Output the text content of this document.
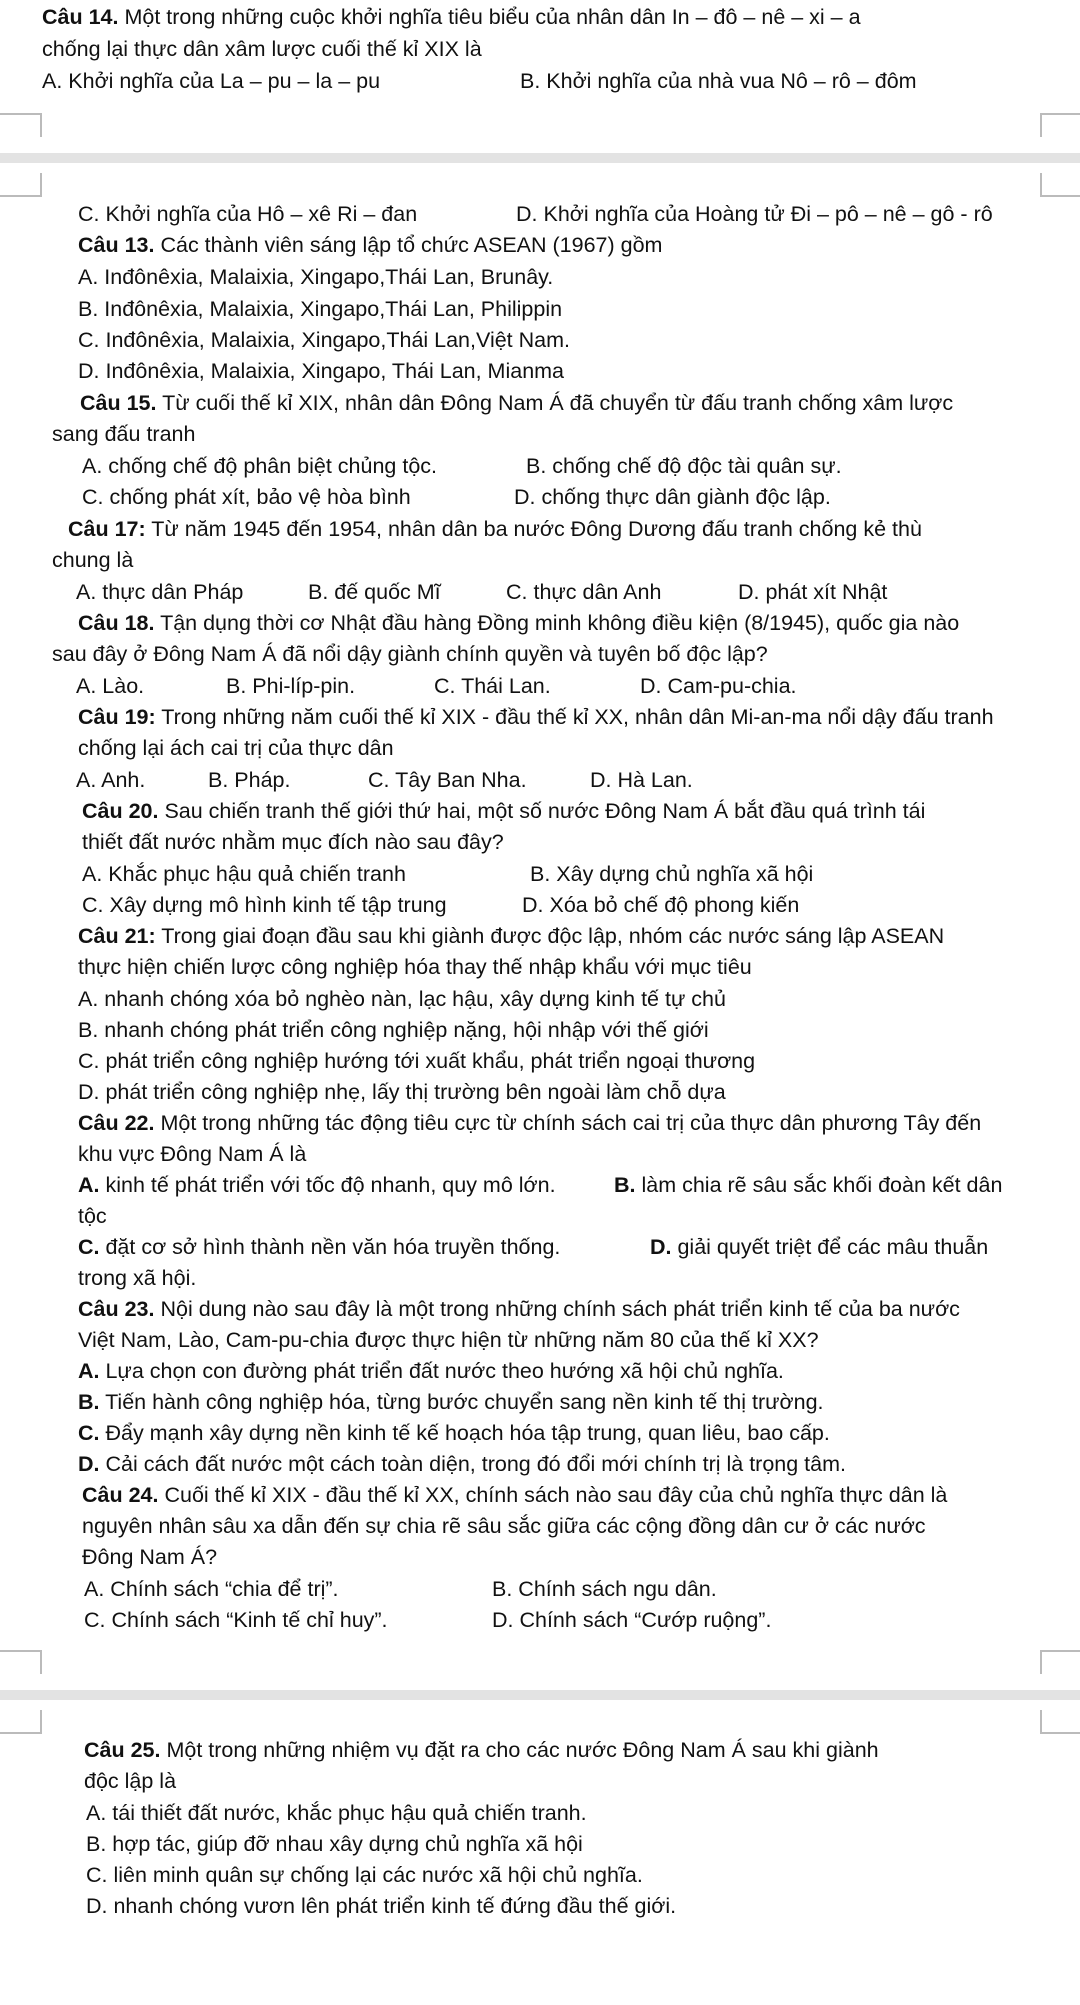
Câu 14. Một trong những cuộc khởi nghĩa tiêu biểu của nhân dân In – đô – nê – xi – a
chống lại thực dân xâm lược cuối thế kỉ XIX là
A. Khởi nghĩa của La – pu – la – pu	B. Khởi nghĩa của nhà vua Nô – rô – đôm
C. Khởi nghĩa của Hô – xê Ri – đan	D. Khởi nghĩa của Hoàng tử Đi – pô – nê – gô - rô
Câu 13. Các thành viên sáng lập tổ chức ASEAN (1967) gồm
A. Inđônêxia, Malaixia, Xingapo,Thái Lan, Brunây.
B. Inđônêxia, Malaixia, Xingapo,Thái Lan, Philippin
C. Inđônêxia, Malaixia, Xingapo,Thái Lan,Việt Nam.
D. Inđônêxia, Malaixia, Xingapo, Thái Lan, Mianma
Câu 15. Từ cuối thế kỉ XIX, nhân dân Đông Nam Á đã chuyển từ đấu tranh chống xâm lược
sang đấu tranh
A. chống chế độ phân biệt chủng tộc.	B. chống chế độ độc tài quân sự.
C. chống phát xít, bảo vệ hòa bình	D. chống thực dân giành độc lập.
Câu 17: Từ năm 1945 đến 1954, nhân dân ba nước Đông Dương đấu tranh chống kẻ thù
chung là
A. thực dân Pháp	B. đế quốc Mĩ	C. thực dân Anh	D. phát xít Nhật
Câu 18. Tận dụng thời cơ Nhật đầu hàng Đồng minh không điều kiện (8/1945), quốc gia nào
sau đây ở Đông Nam Á đã nổi dậy giành chính quyền và tuyên bố độc lập?
A. Lào.	B. Phi-líp-pin.	C. Thái Lan.	D. Cam-pu-chia.
Câu 19: Trong những năm cuối thế kỉ XIX - đầu thế kỉ XX, nhân dân Mi-an-ma nổi dậy đấu tranh
chống lại ách cai trị của thực dân
A. Anh.	B. Pháp.	C. Tây Ban Nha.	D. Hà Lan.
Câu 20. Sau chiến tranh thế giới thứ hai, một số nước Đông Nam Á bắt đầu quá trình tái
thiết đất nước nhằm mục đích nào sau đây?
A. Khắc phục hậu quả chiến tranh	B. Xây dựng chủ nghĩa xã hội
C. Xây dựng mô hình kinh tế tập trung	D. Xóa bỏ chế độ phong kiến
Câu 21: Trong giai đoạn đầu sau khi giành được độc lập, nhóm các nước sáng lập ASEAN
thực hiện chiến lược công nghiệp hóa thay thế nhập khẩu với mục tiêu
A. nhanh chóng xóa bỏ nghèo nàn, lạc hậu, xây dựng kinh tế tự chủ
B. nhanh chóng phát triển công nghiệp nặng, hội nhập với thế giới
C. phát triển công nghiệp hướng tới xuất khẩu, phát triển ngoại thương
D. phát triển công nghiệp nhẹ, lấy thị trường bên ngoài làm chỗ dựa
Câu 22. Một trong những tác động tiêu cực từ chính sách cai trị của thực dân phương Tây đến
khu vực Đông Nam Á là
A. kinh tế phát triển với tốc độ nhanh, quy mô lớn.	B. làm chia rẽ sâu sắc khối đoàn kết dân
tộc
C. đặt cơ sở hình thành nền văn hóa truyền thống.	D. giải quyết triệt để các mâu thuẫn
trong xã hội.
Câu 23. Nội dung nào sau đây là một trong những chính sách phát triển kinh tế của ba nước
Việt Nam, Lào, Cam-pu-chia được thực hiện từ những năm 80 của thế kỉ XX?
A. Lựa chọn con đường phát triển đất nước theo hướng xã hội chủ nghĩa.
B. Tiến hành công nghiệp hóa, từng bước chuyển sang nền kinh tế thị trường.
C. Đẩy mạnh xây dựng nền kinh tế kế hoạch hóa tập trung, quan liêu, bao cấp.
D. Cải cách đất nước một cách toàn diện, trong đó đổi mới chính trị là trọng tâm.
Câu 24. Cuối thế kỉ XIX - đầu thế kỉ XX, chính sách nào sau đây của chủ nghĩa thực dân là
nguyên nhân sâu xa dẫn đến sự chia rẽ sâu sắc giữa các cộng đồng dân cư ở các nước
Đông Nam Á?
A. Chính sách “chia để trị”.	B. Chính sách ngu dân.
C. Chính sách “Kinh tế chỉ huy”.	D. Chính sách “Cướp ruộng”.
Câu 25. Một trong những nhiệm vụ đặt ra cho các nước Đông Nam Á sau khi giành
độc lập là
A. tái thiết đất nước, khắc phục hậu quả chiến tranh.
B. hợp tác, giúp đỡ nhau xây dựng chủ nghĩa xã hội
C. liên minh quân sự chống lại các nước xã hội chủ nghĩa.
D. nhanh chóng vươn lên phát triển kinh tế đứng đầu thế giới.
